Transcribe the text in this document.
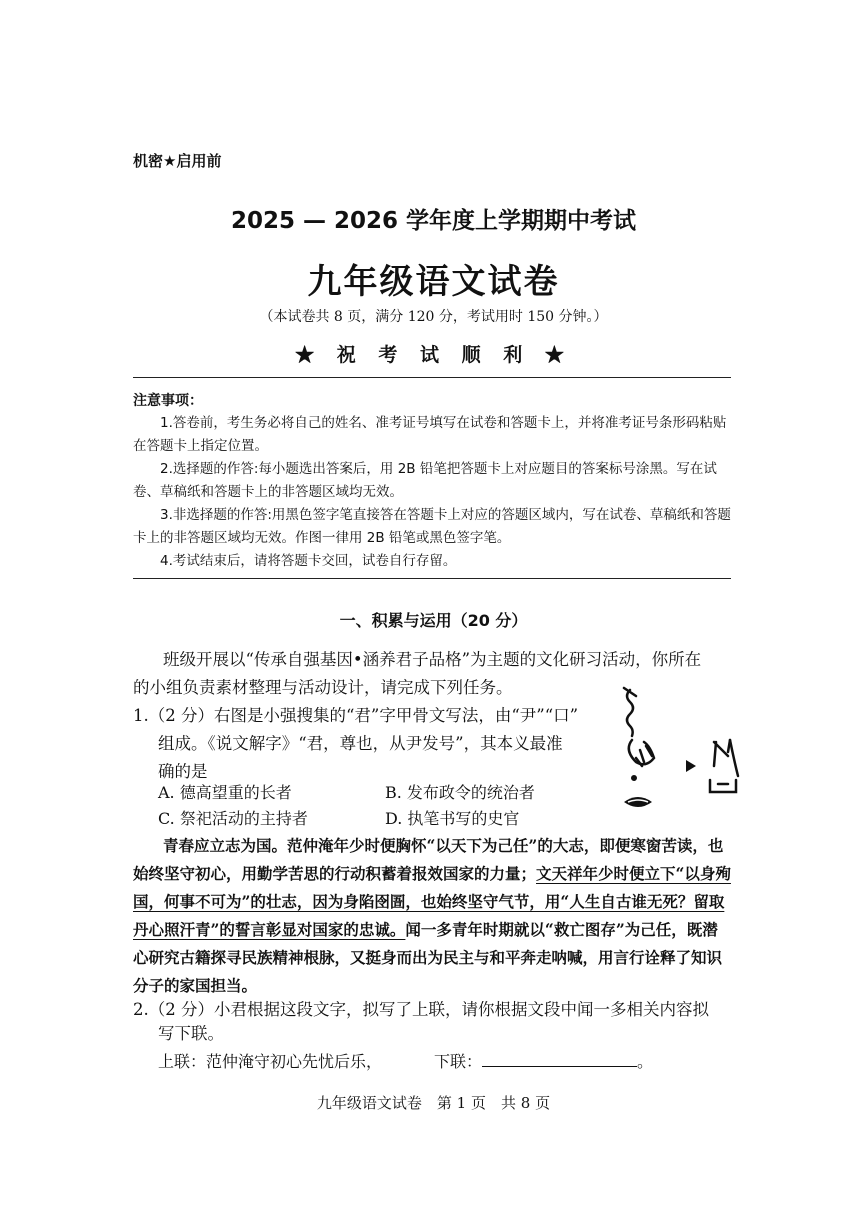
机密★启用前
2025 — 2026 学年度上学期期中考试
九年级语文试卷
（本试卷共 8 页，满分 120 分，考试用时 150 分钟。）
★ 祝 考 试 顺 利 ★
注意事项：
1.答卷前，考生务必将自己的姓名、准考证号填写在试卷和答题卡上，并将准考证号条形码粘贴在答题卡上指定位置。
2.选择题的作答:每小题选出答案后，用 2B 铅笔把答题卡上对应题目的答案标号涂黑。写在试卷、草稿纸和答题卡上的非答题区域均无效。
3.非选择题的作答:用黑色签字笔直接答在答题卡上对应的答题区域内，写在试卷、草稿纸和答题卡上的非答题区域均无效。作图一律用 2B 铅笔或黑色签字笔。
4.考试结束后，请将答题卡交回，试卷自行存留。
一、积累与运用（20 分）
班级开展以“传承自强基因•涵养君子品格”为主题的文化研习活动，你所在
的小组负责素材整理与活动设计，请完成下列任务。
1.（2 分）右图是小强搜集的“君”字甲骨文写法，由“尹”“口”
组成。《说文解字》“君，尊也，从尹发号”，其本义最准
确的是
A. 德高望重的长者	B. 发布政令的统治者
C. 祭祀活动的主持者	D. 执笔书写的史官
青春应立志为国。范仲淹年少时便胸怀“以天下为己任”的大志，即便寒窗苦读，也始终坚守初心，用勤学苦思的行动积蓄着报效国家的力量；文天祥年少时便立下“以身殉国，何事不可为”的壮志，因为身陷囹圄，也始终坚守气节，用“人生自古谁无死？留取丹心照汗青”的誓言彰显对国家的忠诚。闻一多青年时期就以“救亡图存”为己任，既潜心研究古籍探寻民族精神根脉，又挺身而出为民主与和平奔走呐喊，用言行诠释了知识分子的家国担当。
2.（2 分）小君根据这段文字，拟写了上联，请你根据文段中闻一多相关内容拟
写下联。
上联：范仲淹守初心先忧后乐，	下联：	。
九年级语文试卷　第 1 页　共 8 页
